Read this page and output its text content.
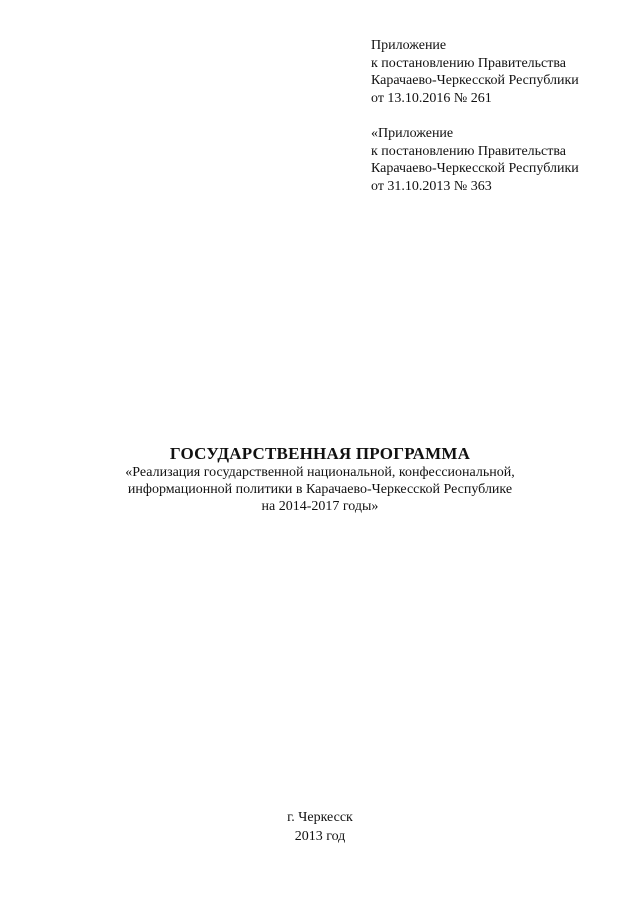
Приложение
к постановлению Правительства
Карачаево-Черкесской Республики
от 13.10.2016 № 261
«Приложение
к постановлению Правительства
Карачаево-Черкесской Республики
от 31.10.2013 № 363
ГОСУДАРСТВЕННАЯ ПРОГРАММА
«Реализация государственной национальной, конфессиональной,
информационной политики в Карачаево-Черкесской Республике
на 2014-2017 годы»
г. Черкесск
2013 год
